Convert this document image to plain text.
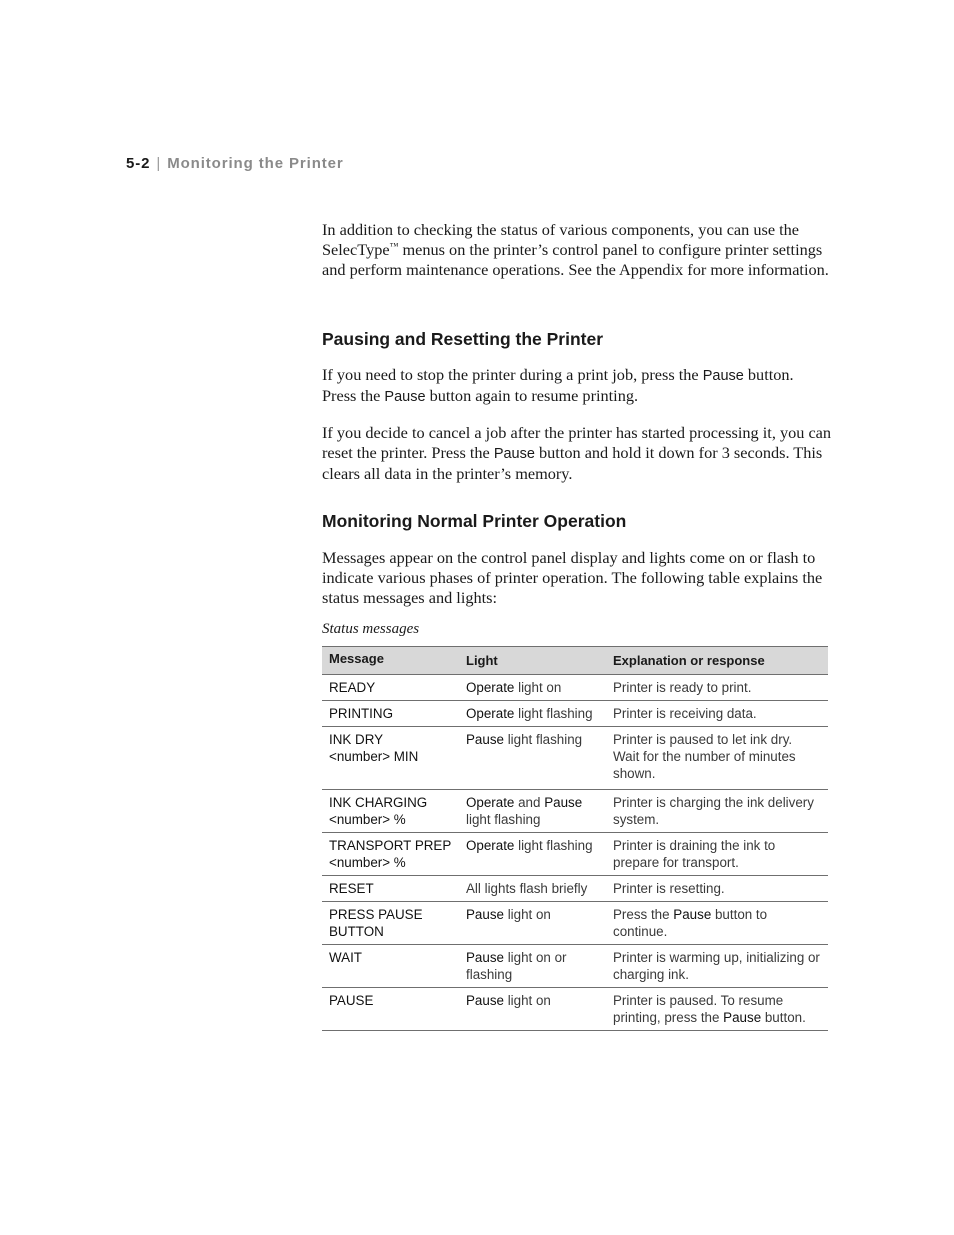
5-2 | Monitoring the Printer

In addition to checking the status of various components, you can use the SelecType™ menus on the printer’s control panel to configure printer settings and perform maintenance operations. See the Appendix for more information.

Pausing and Resetting the Printer

If you need to stop the printer during a print job, press the Pause button. Press the Pause button again to resume printing.

If you decide to cancel a job after the printer has started processing it, you can reset the printer. Press the Pause button and hold it down for 3 seconds. This clears all data in the printer’s memory.

Monitoring Normal Printer Operation

Messages appear on the control panel display and lights come on or flash to indicate various phases of printer operation. The following table explains the status messages and lights:

Status messages
Message	Light	Explanation or response

READY	Operate light on	Printer is ready to print.

PRINTING	Operate light flashing	Printer is receiving data.

INK DRY
<number> MIN	Pause light flashing	Printer is paused to let ink dry. Wait for the number of minutes shown.

INK CHARGING
<number> %	Operate and Pause light flashing	Printer is charging the ink delivery system.

TRANSPORT PREP
<number> %	Operate light flashing	Printer is draining the ink to prepare for transport.

RESET	All lights flash briefly	Printer is resetting.

PRESS PAUSE
BUTTON	Pause light on	Press the Pause button to continue.

WAIT	Pause light on or flashing	Printer is warming up, initializing or charging ink.

PAUSE	Pause light on	Printer is paused. To resume printing, press the Pause button.
